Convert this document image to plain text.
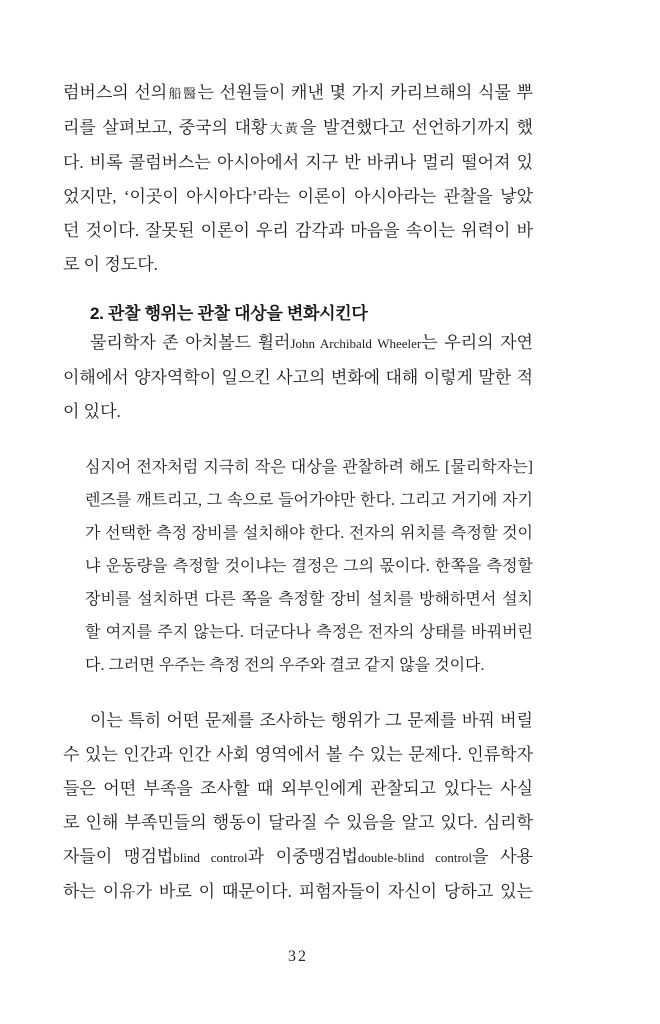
럼버스의 선의船醫는 선원들이 캐낸 몇 가지 카리브해의 식물 뿌
리를 살펴보고, 중국의 대황大黃을 발견했다고 선언하기까지 했
다. 비록 콜럼버스는 아시아에서 지구 반 바퀴나 멀리 떨어져 있
었지만, ‘이곳이 아시아다’라는 이론이 아시아라는 관찰을 낳았
던 것이다. 잘못된 이론이 우리 감각과 마음을 속이는 위력이 바
로 이 정도다.

2. 관찰 행위는 관찰 대상을 변화시킨다

물리학자 존 아치볼드 휠러John Archibald Wheeler는 우리의 자연
이해에서 양자역학이 일으킨 사고의 변화에 대해 이렇게 말한 적
이 있다.

심지어 전자처럼 지극히 작은 대상을 관찰하려 해도 [물리학자는]
렌즈를 깨트리고, 그 속으로 들어가야만 한다. 그리고 거기에 자기
가 선택한 측정 장비를 설치해야 한다. 전자의 위치를 측정할 것이
냐 운동량을 측정할 것이냐는 결정은 그의 몫이다. 한쪽을 측정할
장비를 설치하면 다른 쪽을 측정할 장비 설치를 방해하면서 설치
할 여지를 주지 않는다. 더군다나 측정은 전자의 상태를 바꿔버린
다. 그러면 우주는 측정 전의 우주와 결코 같지 않을 것이다.

이는 특히 어떤 문제를 조사하는 행위가 그 문제를 바꿔 버릴
수 있는 인간과 인간 사회 영역에서 볼 수 있는 문제다. 인류학자
들은 어떤 부족을 조사할 때 외부인에게 관찰되고 있다는 사실
로 인해 부족민들의 행동이 달라질 수 있음을 알고 있다. 심리학
자들이 맹검법blind control과 이중맹검법double-blind control을 사용
하는 이유가 바로 이 때문이다. 피험자들이 자신이 당하고 있는

32
